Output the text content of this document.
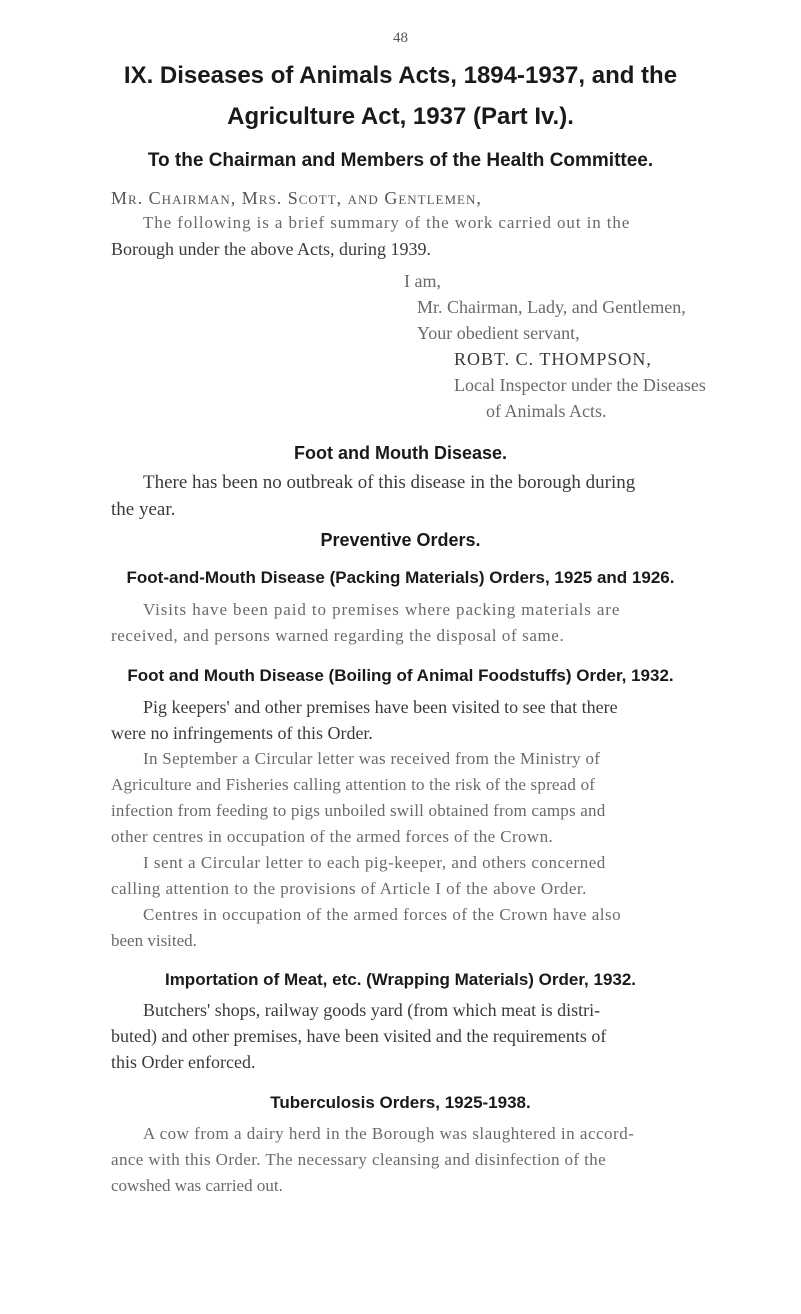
48
IX. Diseases of Animals Acts, 1894-1937, and the
Agriculture Act, 1937 (Part Iv.).
To the Chairman and Members of the Health Committee.
Mr. Chairman, Mrs. Scott, and Gentlemen,
The following is a brief summary of the work carried out in the
Borough under the above Acts, during 1939.
I am,
Mr. Chairman, Lady, and Gentlemen,
Your obedient servant,
ROBT. C. THOMPSON,
Local Inspector under the Diseases
of Animals Acts.
Foot and Mouth Disease.
There has been no outbreak of this disease in the borough during
the year.
Preventive Orders.
Foot-and-Mouth Disease (Packing Materials) Orders, 1925 and 1926.
Visits have been paid to premises where packing materials are
received, and persons warned regarding the disposal of same.
Foot and Mouth Disease (Boiling of Animal Foodstuffs) Order, 1932.
Pig keepers' and other premises have been visited to see that there
were no infringements of this Order.
In September a Circular letter was received from the Ministry of
Agriculture and Fisheries calling attention to the risk of the spread of
infection from feeding to pigs unboiled swill obtained from camps and
other centres in occupation of the armed forces of the Crown.
I sent a Circular letter to each pig-keeper, and others concerned
calling attention to the provisions of Article I of the above Order.
Centres in occupation of the armed forces of the Crown have also
been visited.
Importation of Meat, etc. (Wrapping Materials) Order, 1932.
Butchers' shops, railway goods yard (from which meat is distri-
buted) and other premises, have been visited and the requirements of
this Order enforced.
Tuberculosis Orders, 1925-1938.
A cow from a dairy herd in the Borough was slaughtered in accord-
ance with this Order. The necessary cleansing and disinfection of the
cowshed was carried out.
